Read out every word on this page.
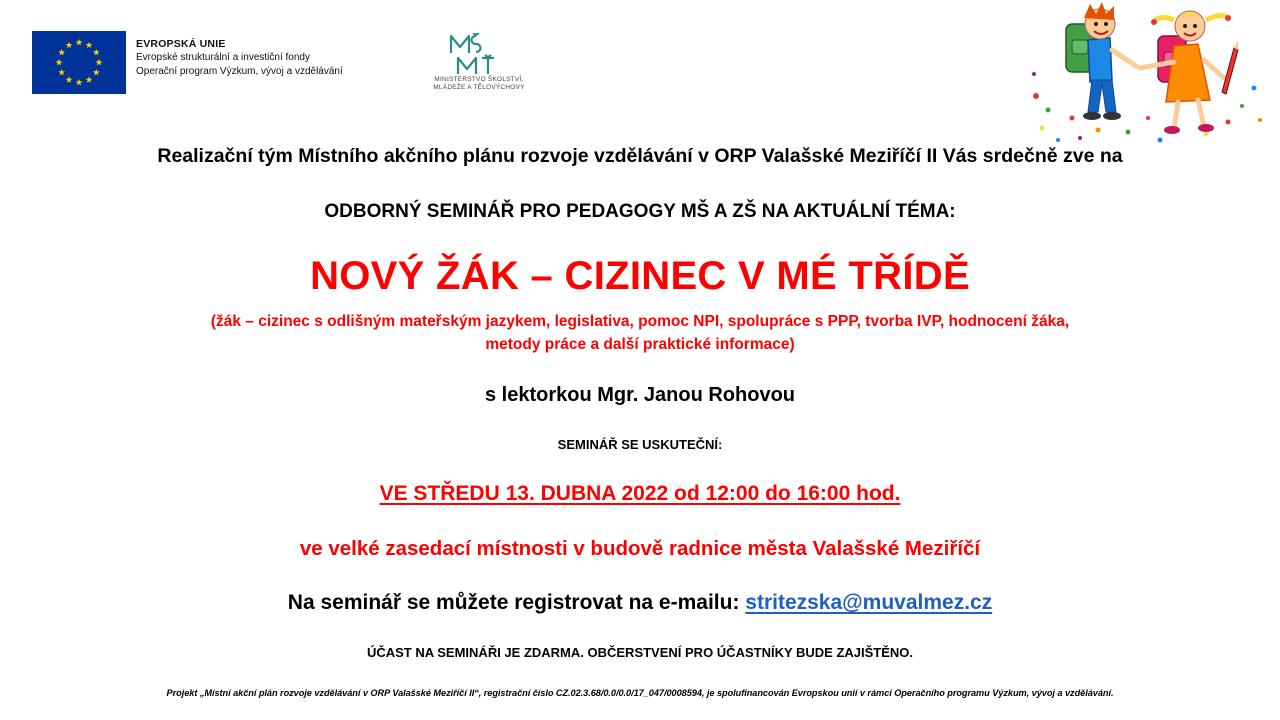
EVROPSKÁ UNIE
Evropské strukturální a investiční fondy
Operační program Výzkum, vývoj a vzdělávání
MINISTERSTVO ŠKOLSTVÍ,
MLÁDEŽE A TĚLOVÝCHOVY
Realizační tým Místního akčního plánu rozvoje vzdělávání v ORP Valašské Meziříčí II Vás srdečně zve na
ODBORNÝ SEMINÁŘ PRO PEDAGOGY MŠ A ZŠ NA AKTUÁLNÍ TÉMA:
NOVÝ ŽÁK – CIZINEC V MÉ TŘÍDĚ
(žák – cizinec s odlišným mateřským jazykem, legislativa, pomoc NPI, spolupráce s PPP, tvorba IVP, hodnocení žáka,
metody práce a další praktické informace)
s lektorkou Mgr. Janou Rohovou
SEMINÁŘ SE USKUTEČNÍ:
VE STŘEDU 13. DUBNA 2022 od 12:00 do 16:00 hod.
ve velké zasedací místnosti v budově radnice města Valašské Meziříčí
Na seminář se můžete registrovat na e-mailu: stritezska@muvalmez.cz
ÚČAST NA SEMINÁŘI JE ZDARMA. OBČERSTVENÍ PRO ÚČASTNÍKY BUDE ZAJIŠTĚNO.
Projekt „Místní akční plán rozvoje vzdělávání v ORP Valašské Meziříčí II“, registrační číslo CZ.02.3.68/0.0/0.0/17_047/0008594, je spolufinancován Evropskou unií v rámci Operačního programu Výzkum, vývoj a vzdělávání.
